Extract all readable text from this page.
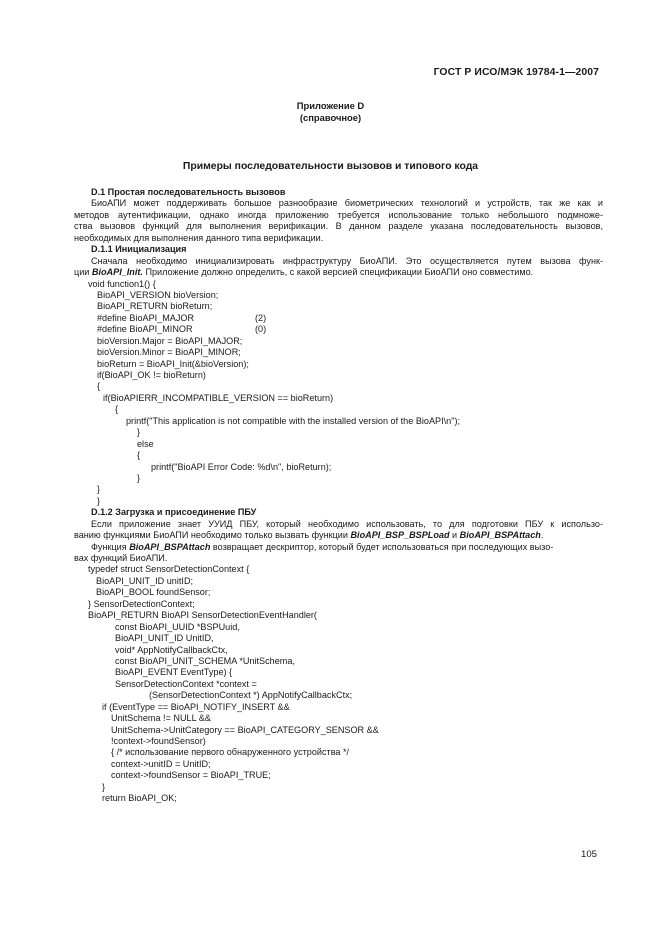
ГОСТ Р ИСО/МЭК 19784-1—2007
Приложение D
(справочное)
Примеры последовательности вызовов и типового кода
D.1 Простая последовательность вызовов
БиоАПИ может поддерживать большое разнообразие биометрических технологий и устройств, так же как и
методов аутентификации, однако иногда приложению требуется использование только небольшого подмноже-
ства вызовов функций для выполнения верификации. В данном разделе указана последовательность вызовов,
необходимых для выполнения данного типа верификации.
D.1.1 Инициализация
Сначала необходимо инициализировать инфраструктуру БиоАПИ. Это осуществляется путем вызова функ-
ции BioAPI_Init. Приложение должно определить, с какой версией спецификации БиоАПИ оно совместимо.
void function1() {
BioAPI_VERSION bioVersion;
BioAPI_RETURN bioReturn;
#define BioAPI_MAJOR	(2)
#define BioAPI_MINOR	(0)
bioVersion.Major = BioAPI_MAJOR;
bioVersion.Minor = BioAPI_MINOR;
bioReturn = BioAPI_Init(&bioVersion);
if(BioAPI_OK != bioReturn)
{
if(BioAPIERR_INCOMPATIBLE_VERSION == bioReturn)
{
printf("This application is not compatible with the installed version of the BioAPI\n");
}
else
{
printf("BioAPI Error Code: %d\n", bioReturn);
}
}
}
D.1.2 Загрузка и присоединение ПБУ
Если приложение знает УУИД ПБУ, который необходимо использовать, то для подготовки ПБУ к использо-
ванию функциями БиоАПИ необходимо только вызвать функции BioAPI_BSP_BSPLoad и BioAPI_BSPAttach.
Функция BioAPI_BSPAttach возвращает дескриптор, который будет использоваться при последующих вызо-
вах функций БиоАПИ.
typedef struct SensorDetectionContext {
BioAPI_UNIT_ID unitID;
BioAPI_BOOL foundSensor;
} SensorDetectionContext;
BioAPI_RETURN BioAPI SensorDetectionEventHandler(
const BioAPI_UUID *BSPUuid,
BioAPI_UNIT_ID UnitID,
void* AppNotifyCallbackCtx,
const BioAPI_UNIT_SCHEMA *UnitSchema,
BioAPI_EVENT EventType) {
SensorDetectionContext *context =
(SensorDetectionContext *) AppNotifyCallbackCtx;
if (EventType == BioAPI_NOTIFY_INSERT &&
UnitSchema != NULL &&
UnitSchema->UnitCategory == BioAPI_CATEGORY_SENSOR &&
!context->foundSensor)
{ /* использование первого обнаруженного устройства */
context->unitID = UnitID;
context->foundSensor = BioAPI_TRUE;
}
return BioAPI_OK;
105
